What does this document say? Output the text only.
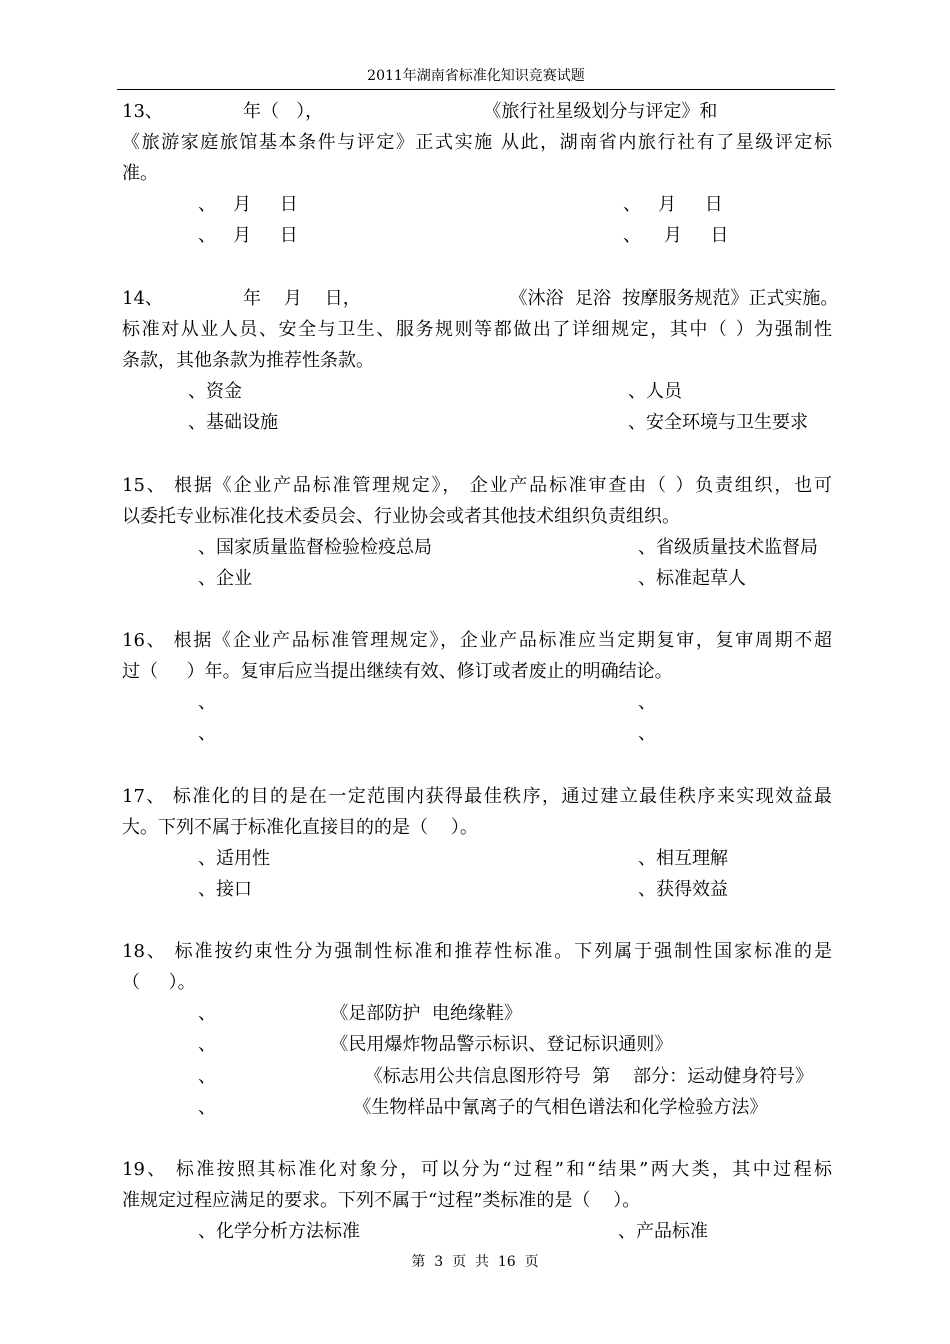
2011年湖南省标准化知识竞赛试题
13、              年（   ），                            《旅行社星级划分与评定》和
《旅游家庭旅馆基本条件与评定》正式实施 从此，湖南省内旅行社有了星级评定标
准。
、   月     日	、   月     日
、   月     日	、    月     日
14、              年    月    日，                          《沐浴  足浴  按摩服务规范》正式实施。
标准对从业人员、安全与卫生、服务规则等都做出了详细规定，其中（ ）为强制性
条款，其他条款为推荐性条款。
、资金	、人员
、基础设施	、安全环境与卫生要求
15、 根据《企业产品标准管理规定》， 企业产品标准审查由（ ）负责组织，也可
以委托专业标准化技术委员会、行业协会或者其他技术组织负责组织。
、国家质量监督检验检疫总局	、省级质量技术监督局
、企业	、标准起草人
16、 根据《企业产品标准管理规定》，企业产品标准应当定期复审，复审周期不超
过（     ）年。复审后应当提出继续有效、修订或者废止的明确结论。
、	、
、	、
17、 标准化的目的是在一定范围内获得最佳秩序，通过建立最佳秩序来实现效益最
大。下列不属于标准化直接目的的是（    ）。
、适用性	、相互理解
、接口	、获得效益
18、 标准按约束性分为强制性标准和推荐性标准。下列属于强制性国家标准的是
（     ）。
、                    《足部防护  电绝缘鞋》
、                    《民用爆炸物品警示标识、登记标识通则》
、                          《标志用公共信息图形符号  第    部分：运动健身符号》
、                        《生物样品中氰离子的气相色谱法和化学检验方法》
19、 标准按照其标准化对象分，可以分为“过程”和“结果”两大类，其中过程标
准规定过程应满足的要求。下列不属于“过程”类标准的是（    ）。
、化学分析方法标准	、产品标准
第  3  页  共  16  页
